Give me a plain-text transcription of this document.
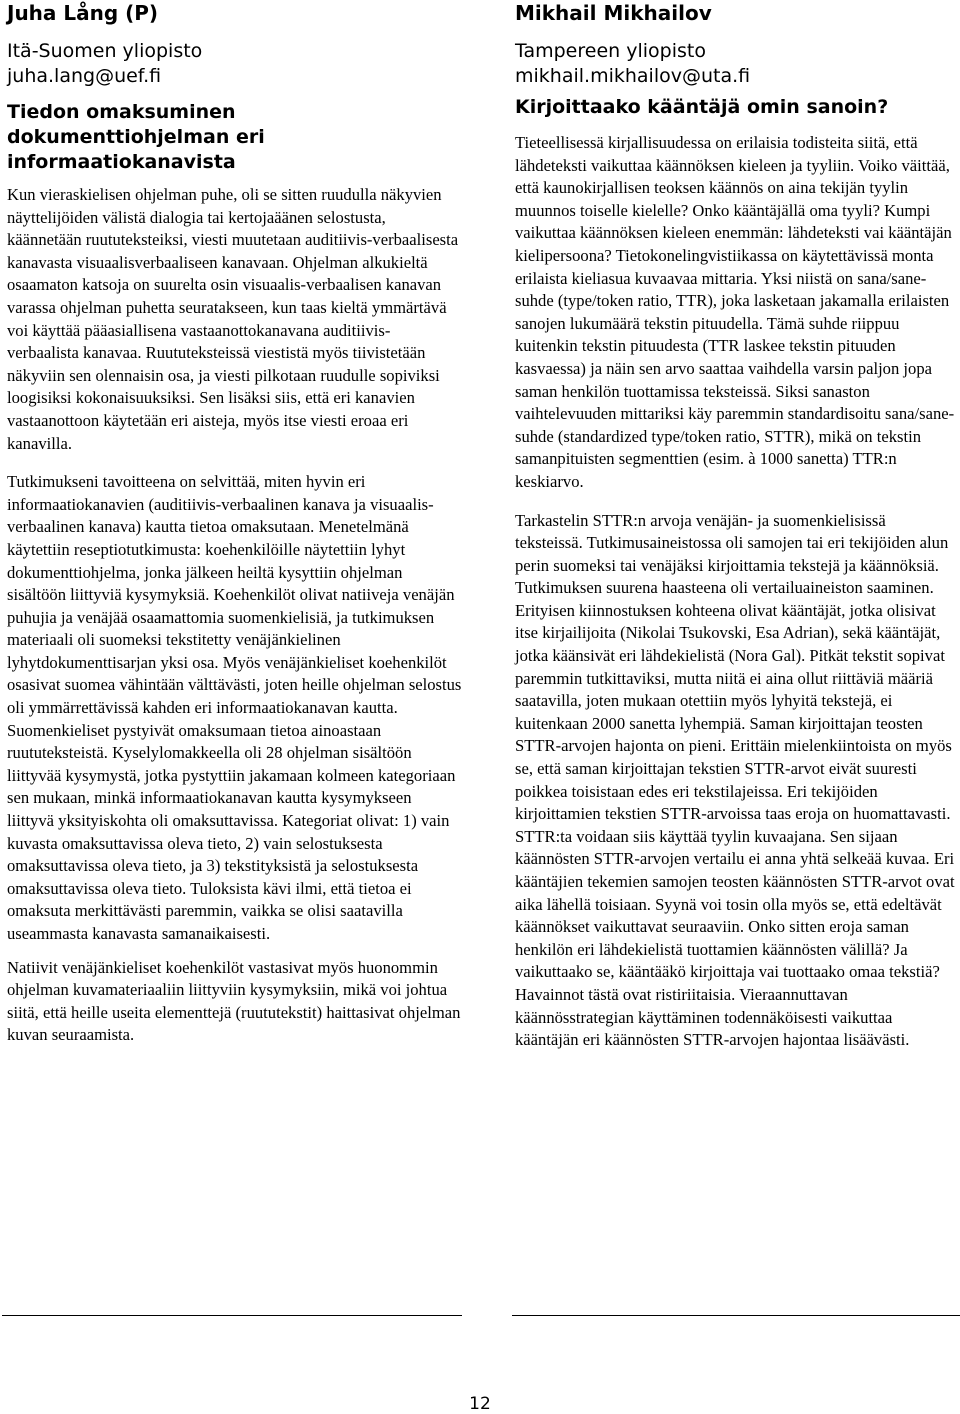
Juha Lång (P)
Itä-Suomen yliopisto
juha.lang@uef.fi
Tiedon omaksuminen dokumenttiohjelman eri informaatiokanavista

Kun vieraskielisen ohjelman puhe, oli se sitten ruudulla näkyvien näyttelijöiden välistä dialogia tai kertojaäänen selostusta, käännetään ruututeksteiksi, viesti muutetaan auditiivis-verbaalisesta kanavasta visuaalisverbaaliseen kanavaan. Ohjelman alkukieltä osaamaton katsoja on suurelta osin visuaalis-verbaalisen kanavan varassa ohjelman puhetta seuratakseen, kun taas kieltä ymmärtävä voi käyttää pääasiallisena vastaanottokanavana auditiivis-verbaalista kanavaa. Ruututeksteissä viestistä myös tiivistetään näkyviin sen olennaisin osa, ja viesti pilkotaan ruudulle sopiviksi loogisiksi kokonaisuuksiksi. Sen lisäksi siis, että eri kanavien vastaanottoon käytetään eri aisteja, myös itse viesti eroaa eri kanavilla.

Tutkimukseni tavoitteena on selvittää, miten hyvin eri informaatiokanavien (auditiivis-verbaalinen kanava ja visuaalis-verbaalinen kanava) kautta tietoa omaksutaan. Menetelmänä käytettiin reseptiotutkimusta: koehenkilöille näytettiin lyhyt dokumenttiohjelma, jonka jälkeen heiltä kysyttiin ohjelman sisältöön liittyviä kysymyksiä. Koehenkilöt olivat natiiveja venäjän puhujia ja venäjää osaamattomia suomenkielisiä, ja tutkimuksen materiaali oli suomeksi tekstitetty venäjänkielinen lyhytdokumenttisarjan yksi osa. Myös venäjänkieliset koehenkilöt osasivat suomea vähintään välttävästi, joten heille ohjelman selostus oli ymmärrettävissä kahden eri informaatiokanavan kautta. Suomenkieliset pystyivät omaksumaan tietoa ainoastaan ruututeksteistä. Kyselylomakkeella oli 28 ohjelman sisältöön liittyvää kysymystä, jotka pystyttiin jakamaan kolmeen kategoriaan sen mukaan, minkä informaatiokanavan kautta kysymykseen liittyvä yksityiskohta oli omaksuttavissa. Kategoriat olivat: 1) vain kuvasta omaksuttavissa oleva tieto, 2) vain selostuksesta omaksuttavissa oleva tieto, ja 3) tekstityksistä ja selostuksesta omaksuttavissa oleva tieto. Tuloksista kävi ilmi, että tietoa ei omaksuta merkittävästi paremmin, vaikka se olisi saatavilla useammasta kanavasta samanaikaisesti.

Natiivit venäjänkieliset koehenkilöt vastasivat myös huonommin ohjelman kuvamateriaaliin liittyviin kysymyksiin, mikä voi johtua siitä, että heille useita elementtejä (ruututekstit) haittasivat ohjelman kuvan seuraamista.

Mikhail Mikhailov
Tampereen yliopisto
mikhail.mikhailov@uta.fi
Kirjoittaako kääntäjä omin sanoin?

Tieteellisessä kirjallisuudessa on erilaisia todisteita siitä, että lähdeteksti vaikuttaa käännöksen kieleen ja tyyliin. Voiko väittää, että kaunokirjallisen teoksen käännös on aina tekijän tyylin muunnos toiselle kielelle? Onko kääntäjällä oma tyyli? Kumpi vaikuttaa käännöksen kieleen enemmän: lähdeteksti vai kääntäjän kielipersoona? Tietokonelingvistiikassa on käytettävissä monta erilaista kieliasua kuvaavaa mittaria. Yksi niistä on sana/sane-suhde (type/token ratio, TTR), joka lasketaan jakamalla erilaisten sanojen lukumäärä tekstin pituudella. Tämä suhde riippuu kuitenkin tekstin pituudesta (TTR laskee tekstin pituuden kasvaessa) ja näin sen arvo saattaa vaihdella varsin paljon jopa saman henkilön tuottamissa teksteissä. Siksi sanaston vaihtelevuuden mittariksi käy paremmin standardisoitu sana/sane-suhde (standardized type/token ratio, STTR), mikä on tekstin samanpituisten segmenttien (esim. à 1000 sanetta) TTR:n keskiarvo.

Tarkastelin STTR:n arvoja venäjän- ja suomenkielisissä teksteissä. Tutkimusaineistossa oli samojen tai eri tekijöiden alun perin suomeksi tai venäjäksi kirjoittamia tekstejä ja käännöksiä. Tutkimuksen suurena haasteena oli vertailuaineiston saaminen. Erityisen kiinnostuksen kohteena olivat kääntäjät, jotka olisivat itse kirjailijoita (Nikolai Tsukovski, Esa Adrian), sekä kääntäjät, jotka käänsivät eri lähdekielistä (Nora Gal). Pitkät tekstit sopivat paremmin tutkittaviksi, mutta niitä ei aina ollut riittäviä määriä saatavilla, joten mukaan otettiin myös lyhyitä tekstejä, ei kuitenkaan 2000 sanetta lyhempiä. Saman kirjoittajan teosten STTR-arvojen hajonta on pieni. Erittäin mielenkiintoista on myös se, että saman kirjoittajan tekstien STTR-arvot eivät suuresti poikkea toisistaan edes eri tekstilajeissa. Eri tekijöiden kirjoittamien tekstien STTR-arvoissa taas eroja on huomattavasti. STTR:ta voidaan siis käyttää tyylin kuvaajana. Sen sijaan käännösten STTR-arvojen vertailu ei anna yhtä selkeää kuvaa. Eri kääntäjien tekemien samojen teosten käännösten STTR-arvot ovat aika lähellä toisiaan. Syynä voi tosin olla myös se, että edeltävät käännökset vaikuttavat seuraaviin. Onko sitten eroja saman henkilön eri lähdekielistä tuottamien käännösten välillä? Ja vaikuttaako se, kääntääkö kirjoittaja vai tuottaako omaa tekstiä? Havainnot tästä ovat ristiriitaisia. Vieraannuttavan käännösstrategian käyttäminen todennäköisesti vaikuttaa kääntäjän eri käännösten STTR-arvojen hajontaa lisäävästi.

12
